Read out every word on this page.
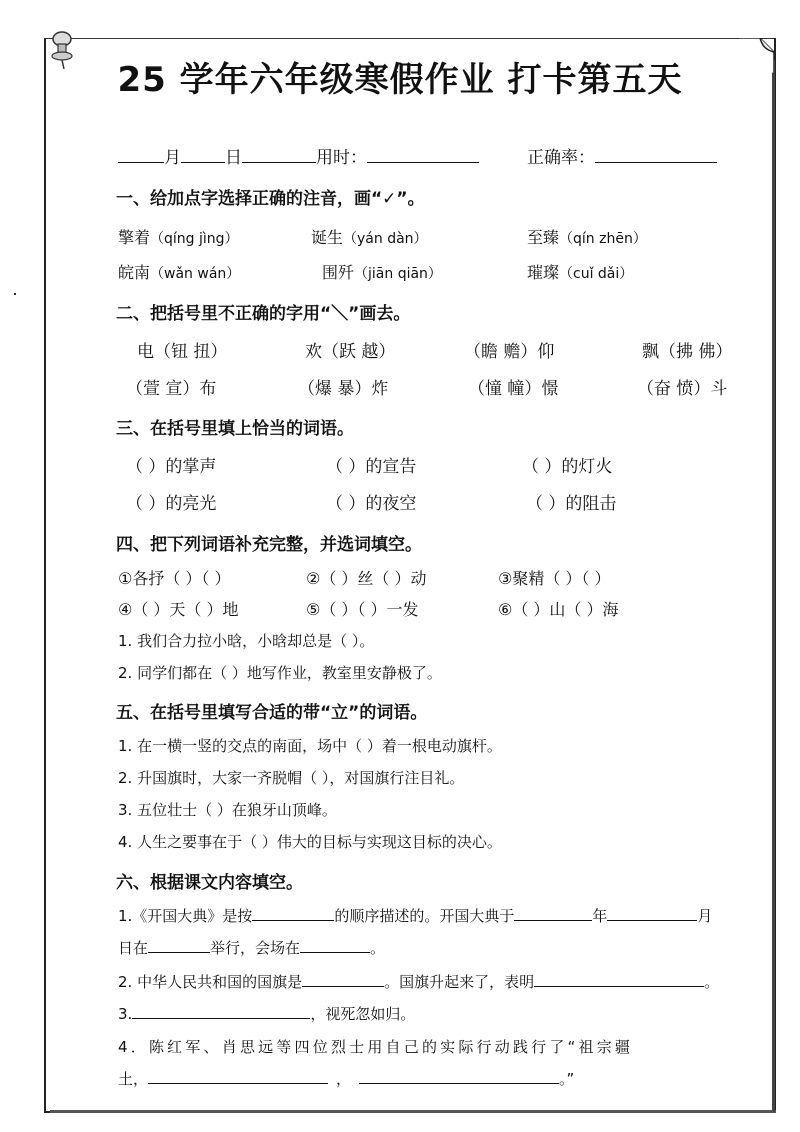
25 学年六年级寒假作业 打卡第五天
月	日	用时：	正确率：
一、给加点字选择正确的注音，画“✓”。
擎着（qíng jìng）	诞生（yán dàn）	至臻（qín zhēn）
皖南（wǎn wán）	围歼（jiān qiān）	璀璨（cuǐ dǎi）
二、把括号里不正确的字用“＼”画去。
电（钮 扭）	欢（跃 越）	（瞻 赡）仰	飘（拂 佛）
（萱 宣）布	（爆 暴）炸	（憧 幢）憬	（奋 愤）斗
三、在括号里填上恰当的词语。
（ ）的掌声	（ ）的宣告	（ ）的灯火
（ ）的亮光	（ ）的夜空	（ ）的阻击
四、把下列词语补充完整，并选词填空。
①各抒（ ）（ ）	②（ ）丝（ ）动	③聚精（ ）（ ）
④（ ）天（ ）地	⑤（ ）（ ）一发	⑥（ ）山（ ）海
1. 我们合力拉小晗，小晗却总是（ ）。
2. 同学们都在（ ）地写作业，教室里安静极了。
五、在括号里填写合适的带“立”的词语。
1. 在一横一竖的交点的南面，场中（ ）着一根电动旗杆。
2. 升国旗时，大家一齐脱帽（ ），对国旗行注目礼。
3. 五位壮士（ ）在狼牙山顶峰。
4. 人生之要事在于（ ）伟大的目标与实现这目标的决心。
六、根据课文内容填空。
1.《开国大典》是按	的顺序描述的。开国大典于	年	月
日在	举行，会场在	。
2. 中华人民共和国的国旗是	。国旗升起来了，表明	。
3.	，视死忽如归。
4．陈红军、肖思远等四位烈士用自己的实际行动践行了“祖宗疆
土，	，	。”
